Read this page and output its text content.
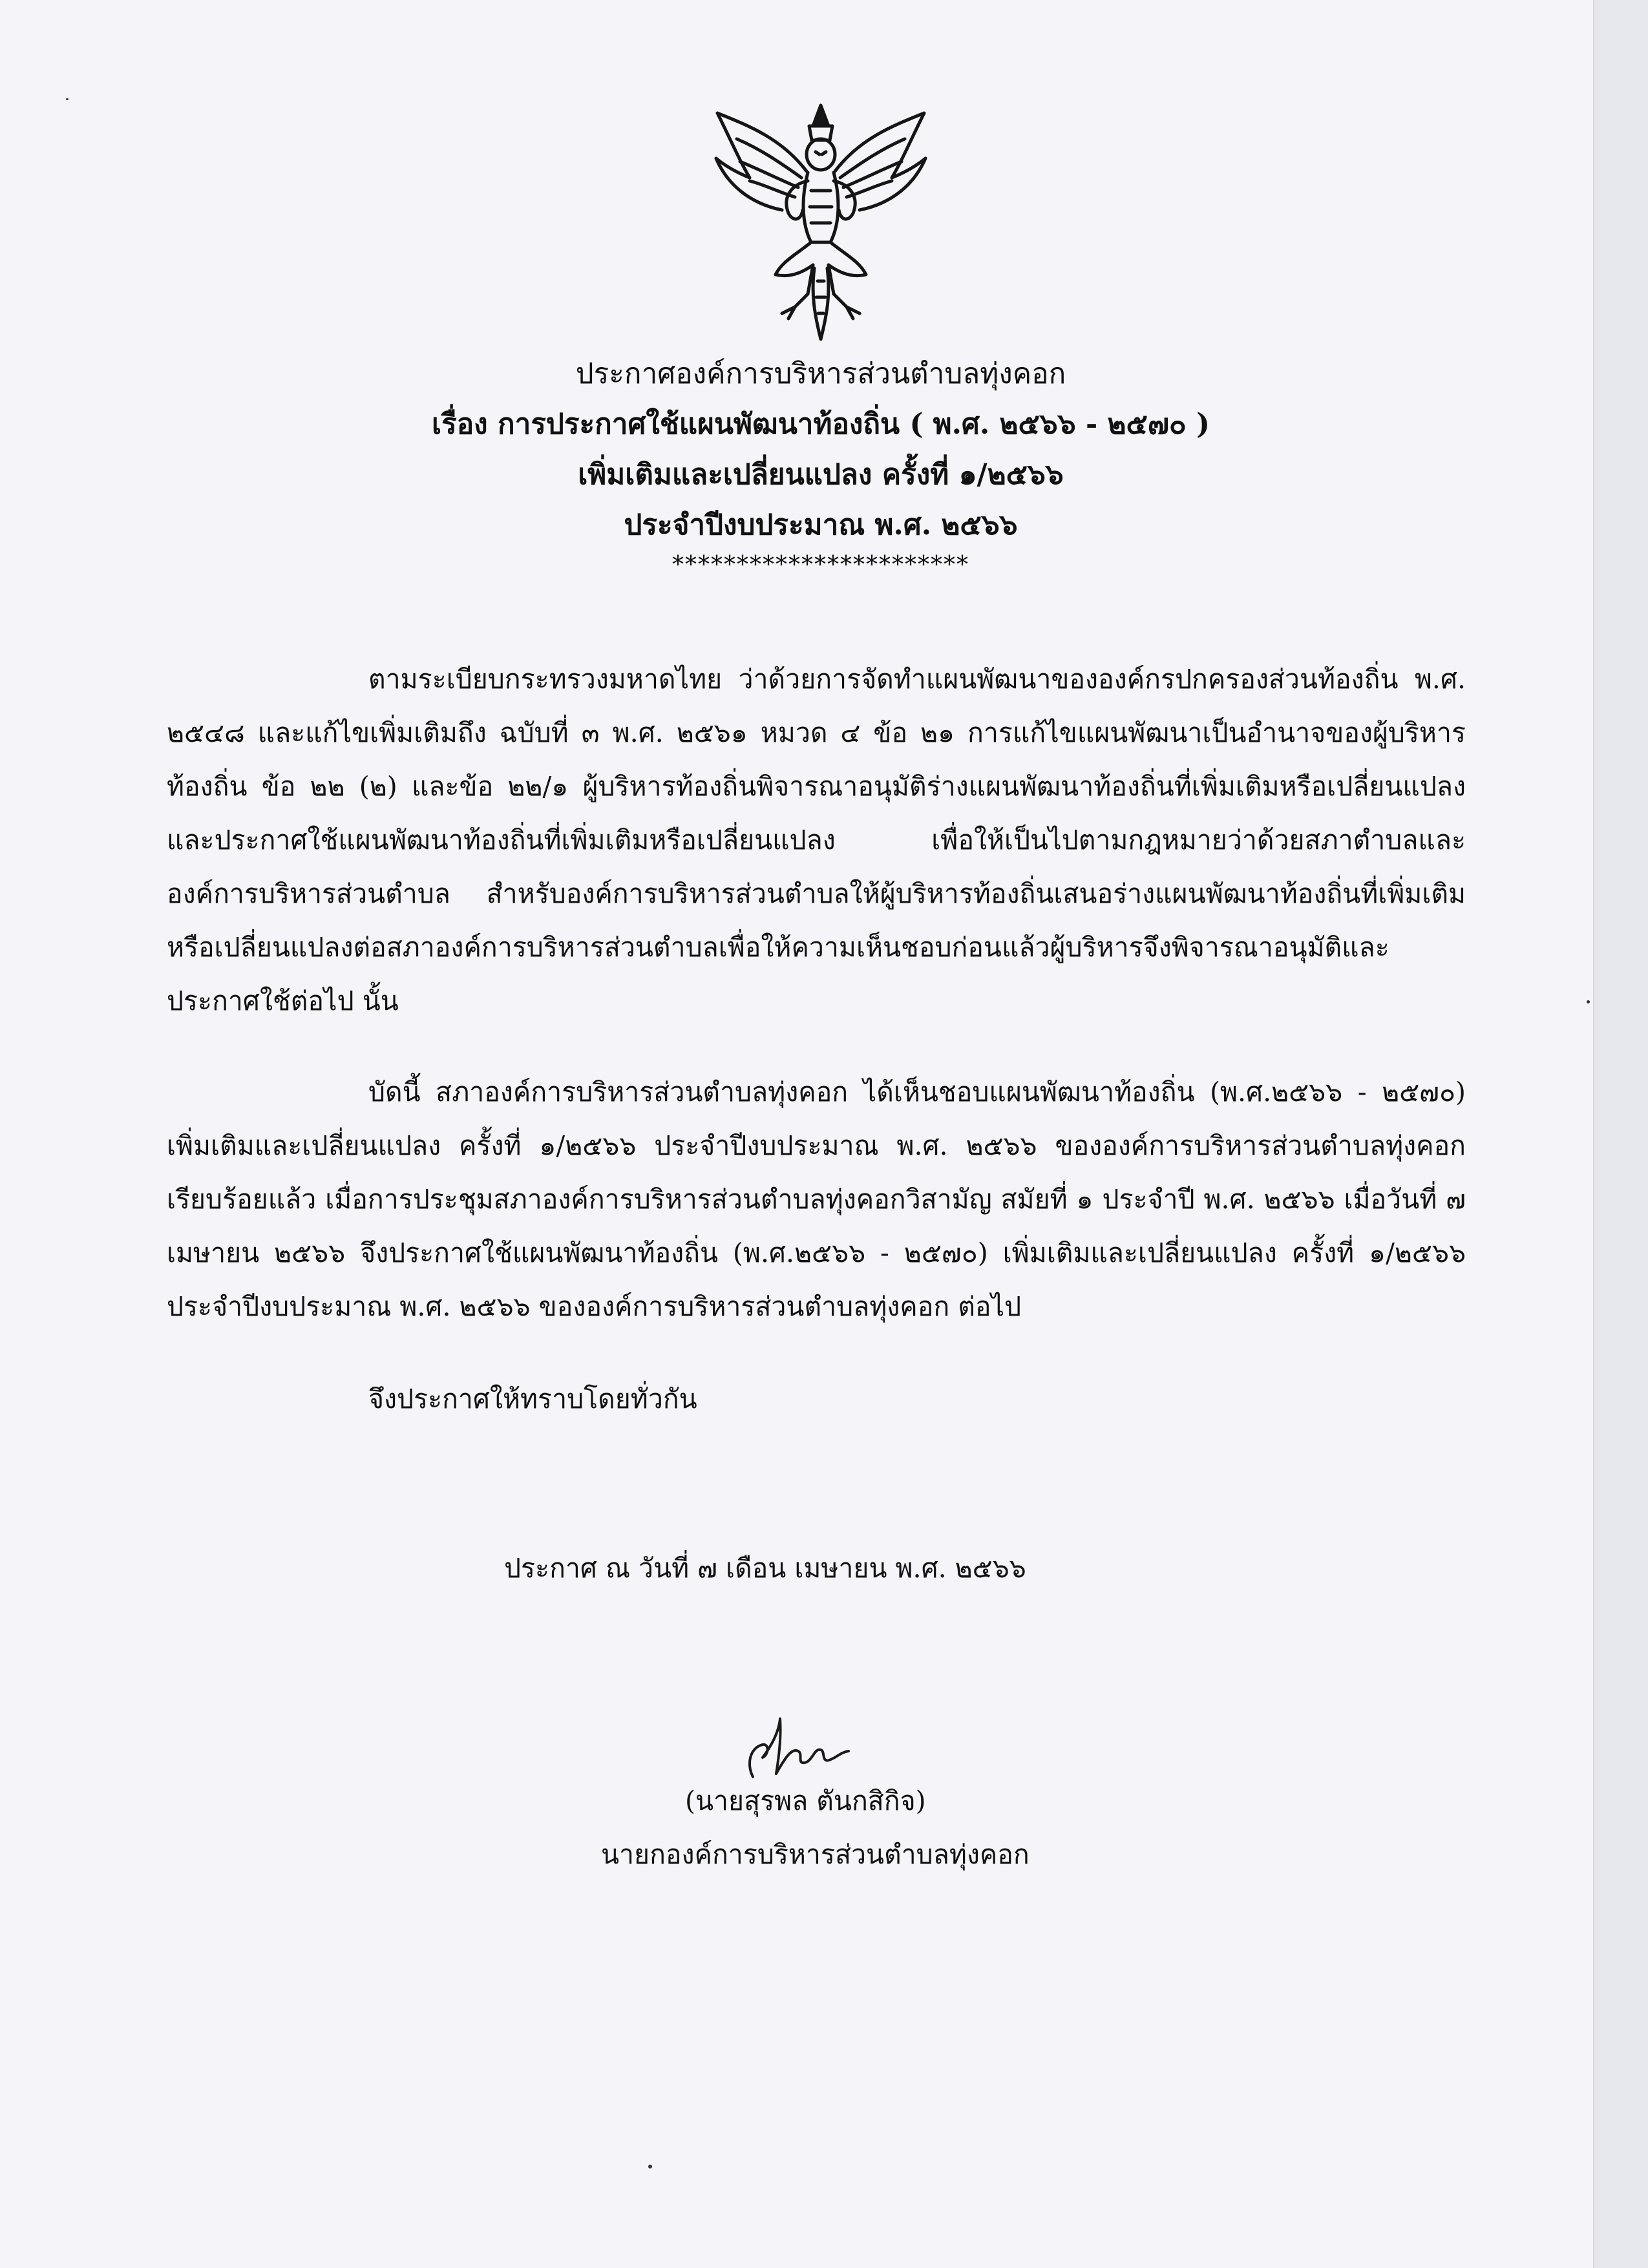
ประกาศองค์การบริหารส่วนตำบลทุ่งคอก
เรื่อง การประกาศใช้แผนพัฒนาท้องถิ่น ( พ.ศ. ๒๕๖๖ - ๒๕๗๐ )
เพิ่มเติมและเปลี่ยนแปลง ครั้งที่ ๑/๒๕๖๖
ประจำปีงบประมาณ พ.ศ. ๒๕๖๖
***********************

ตามระเบียบกระทรวงมหาดไทย ว่าด้วยการจัดทำแผนพัฒนาขององค์กรปกครองส่วนท้องถิ่น พ.ศ. ๒๕๔๘ และแก้ไขเพิ่มเติมถึง ฉบับที่ ๓ พ.ศ. ๒๕๖๑ หมวด ๔ ข้อ ๒๑ การแก้ไขแผนพัฒนาเป็นอำนาจของผู้บริหารท้องถิ่น ข้อ ๒๒ (๒) และข้อ ๒๒/๑ ผู้บริหารท้องถิ่นพิจารณาอนุมัติร่างแผนพัฒนาท้องถิ่นที่เพิ่มเติมหรือเปลี่ยนแปลงและประกาศใช้แผนพัฒนาท้องถิ่นที่เพิ่มเติมหรือเปลี่ยนแปลง เพื่อให้เป็นไปตามกฎหมายว่าด้วยสภาตำบลและองค์การบริหารส่วนตำบล สำหรับองค์การบริหารส่วนตำบลให้ผู้บริหารท้องถิ่นเสนอร่างแผนพัฒนาท้องถิ่นที่เพิ่มเติมหรือเปลี่ยนแปลงต่อสภาองค์การบริหารส่วนตำบลเพื่อให้ความเห็นชอบก่อนแล้วผู้บริหารจึงพิจารณาอนุมัติและประกาศใช้ต่อไป นั้น

บัดนี้ สภาองค์การบริหารส่วนตำบลทุ่งคอก ได้เห็นชอบแผนพัฒนาท้องถิ่น (พ.ศ.๒๕๖๖ - ๒๕๗๐) เพิ่มเติมและเปลี่ยนแปลง ครั้งที่ ๑/๒๕๖๖ ประจำปีงบประมาณ พ.ศ. ๒๕๖๖ ขององค์การบริหารส่วนตำบลทุ่งคอก เรียบร้อยแล้ว เมื่อการประชุมสภาองค์การบริหารส่วนตำบลทุ่งคอกวิสามัญ สมัยที่ ๑ ประจำปี พ.ศ. ๒๕๖๖ เมื่อวันที่ ๗ เมษายน ๒๕๖๖ จึงประกาศใช้แผนพัฒนาท้องถิ่น (พ.ศ.๒๕๖๖ - ๒๕๗๐) เพิ่มเติมและเปลี่ยนแปลง ครั้งที่ ๑/๒๕๖๖ ประจำปีงบประมาณ พ.ศ. ๒๕๖๖ ขององค์การบริหารส่วนตำบลทุ่งคอก ต่อไป

จึงประกาศให้ทราบโดยทั่วกัน

ประกาศ ณ วันที่ ๗ เดือน เมษายน พ.ศ. ๒๕๖๖
(นายสุรพล ตันกสิกิจ)
นายกองค์การบริหารส่วนตำบลทุ่งคอก
